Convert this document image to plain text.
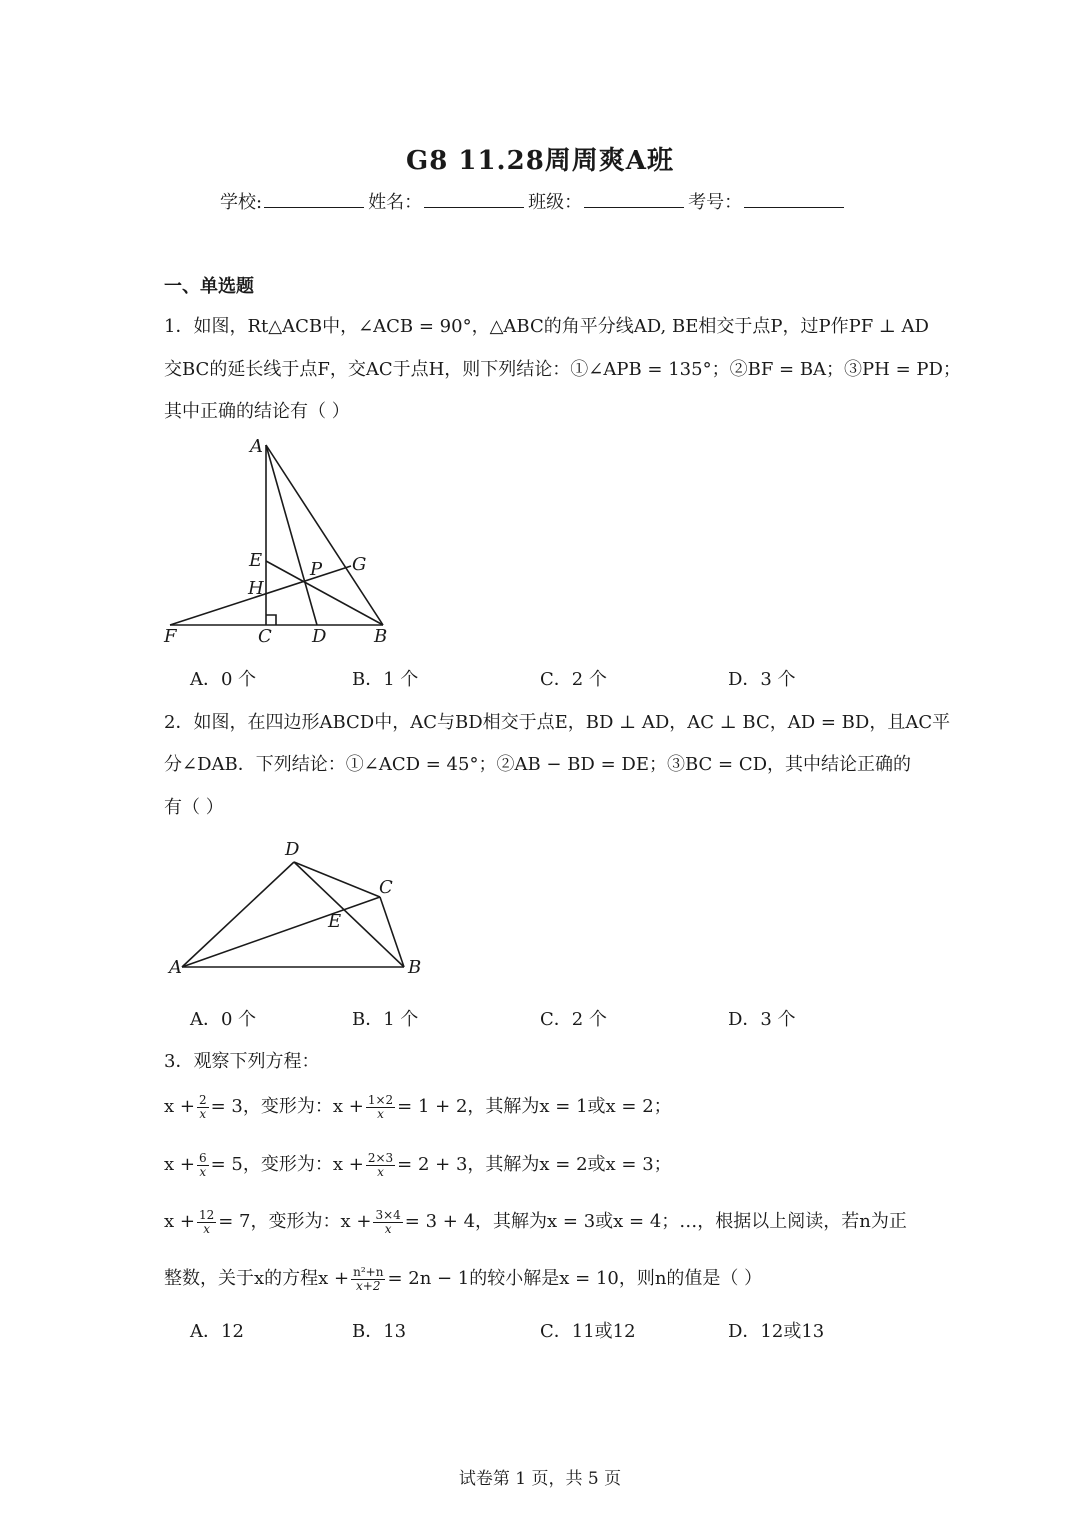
G8 11.28周周爽A班
学校:	姓名：	班级：	考号：
一、单选题
1．如图，Rt△ACB中，∠ACB = 90°，△ABC的角平分线AD, BE相交于点P，过P作PF ⊥ AD
交BC的延长线于点F，交AC于点H，则下列结论：①∠APB = 135°；②BF = BA；③PH = PD；
其中正确的结论有（ ）
A
E
H
P G
F	C D	B
A．0 个	B．1 个	C．2 个	D．3 个
2．如图，在四边形ABCD中，AC与BD相交于点E，BD ⊥ AD，AC ⊥ BC，AD = BD，且AC平
分∠DAB．下列结论：①∠ACD = 45°；②AB − BD = DE；③BC = CD，其中结论正确的
有（ ）
D
C
E
A	B
A．0 个	B．1 个	C．2 个	D．3 个
3．观察下列方程：
$x + \frac{2}{x} = 3$，变形为：$x + \frac{1\times 2}{x} = 1 + 2$，其解为x = 1或x = 2；
$x + \frac{6}{x} = 5$，变形为：$x + \frac{2\times 3}{x} = 2 + 3$，其解为x = 2或x = 3；
$x + \frac{12}{x} = 7$，变形为：$x + \frac{3\times 4}{x} = 3 + 4$，其解为x = 3或x = 4；…，根据以上阅读，若n为正
整数，关于x的方程$x + \frac{\text{n²+n}}{x+2} = 2n - 1$的较小解是x = 10，则n的值是（ ）
A．12	B．13	C．11或12	D．12或13
试卷第 1 页，共 5 页
